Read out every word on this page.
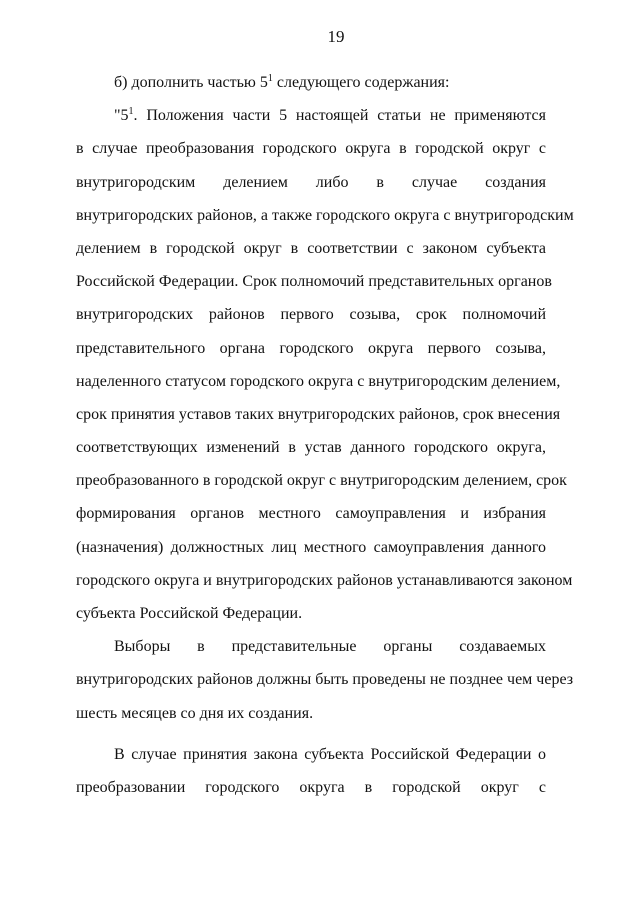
19
б) дополнить частью $5^1$ следующего содержания:
"$5^1$. Положения части 5 настоящей статьи не применяются
в случае преобразования городского округа в городской округ с
внутригородским делением либо в случае создания
внутригородских районов, а также городского округа с внутригородским
делением в городской округ в соответствии с законом субъекта
Российской Федерации. Срок полномочий представительных органов
внутригородских районов первого созыва, срок полномочий
представительного органа городского округа первого созыва,
наделенного статусом городского округа с внутригородским делением,
срок принятия уставов таких внутригородских районов, срок внесения
соответствующих изменений в устав данного городского округа,
преобразованного в городской округ с внутригородским делением, срок
формирования органов местного самоуправления и избрания
(назначения) должностных лиц местного самоуправления данного
городского округа и внутригородских районов устанавливаются законом
субъекта Российской Федерации.
Выборы в представительные органы создаваемых
внутригородских районов должны быть проведены не позднее чем через
шесть месяцев со дня их создания.
В случае принятия закона субъекта Российской Федерации о
преобразовании городского округа в городской округ с
